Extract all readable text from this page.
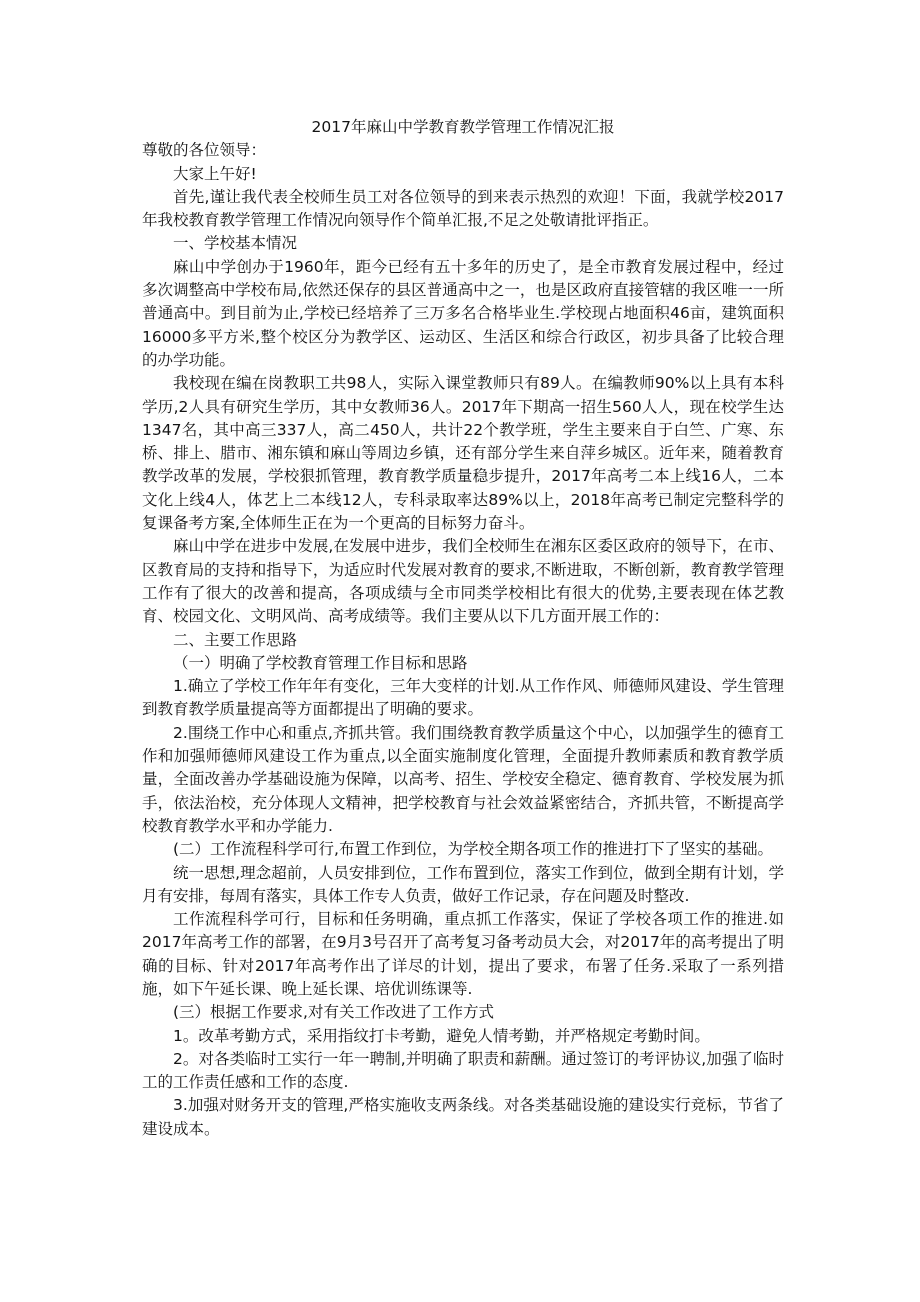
2017年麻山中学教育教学管理工作情况汇报

尊敬的各位领导：

大家上午好!

首先,谨让我代表全校师生员工对各位领导的到来表示热烈的欢迎！下面，我就学校2017年我校教育教学管理工作情况向领导作个简单汇报,不足之处敬请批评指正。

一、学校基本情况

麻山中学创办于1960年，距今已经有五十多年的历史了，是全市教育发展过程中，经过多次调整高中学校布局,依然还保存的县区普通高中之一，也是区政府直接管辖的我区唯一一所普通高中。到目前为止,学校已经培养了三万多名合格毕业生.学校现占地面积46亩，建筑面积16000多平方米,整个校区分为教学区、运动区、生活区和综合行政区，初步具备了比较合理的办学功能。

我校现在编在岗教职工共98人，实际入课堂教师只有89人。在编教师90%以上具有本科学历,2人具有研究生学历，其中女教师36人。2017年下期高一招生560人人，现在校学生达1347名，其中高三337人，高二450人，共计22个教学班，学生主要来自于白竺、广寒、东桥、排上、腊市、湘东镇和麻山等周边乡镇，还有部分学生来自萍乡城区。近年来，随着教育教学改革的发展，学校狠抓管理，教育教学质量稳步提升，2017年高考二本上线16人，二本文化上线4人，体艺上二本线12人，专科录取率达89%以上，2018年高考已制定完整科学的复课备考方案,全体师生正在为一个更高的目标努力奋斗。

麻山中学在进步中发展,在发展中进步，我们全校师生在湘东区委区政府的领导下，在市、区教育局的支持和指导下，为适应时代发展对教育的要求,不断进取，不断创新，教育教学管理工作有了很大的改善和提高，各项成绩与全市同类学校相比有很大的优势,主要表现在体艺教育、校园文化、文明风尚、高考成绩等。我们主要从以下几方面开展工作的：

二、主要工作思路

（一）明确了学校教育管理工作目标和思路

1.确立了学校工作年年有变化，三年大变样的计划.从工作作风、师德师风建设、学生管理到教育教学质量提高等方面都提出了明确的要求。

2.围绕工作中心和重点,齐抓共管。我们围绕教育教学质量这个中心，以加强学生的德育工作和加强师德师风建设工作为重点,以全面实施制度化管理，全面提升教师素质和教育教学质量，全面改善办学基础设施为保障，以高考、招生、学校安全稳定、德育教育、学校发展为抓手，依法治校，充分体现人文精神，把学校教育与社会效益紧密结合，齐抓共管，不断提高学校教育教学水平和办学能力.

(二）工作流程科学可行,布置工作到位，为学校全期各项工作的推进打下了坚实的基础。

统一思想,理念超前，人员安排到位，工作布置到位，落实工作到位，做到全期有计划，学月有安排，每周有落实，具体工作专人负责，做好工作记录，存在问题及时整改.

工作流程科学可行，目标和任务明确，重点抓工作落实，保证了学校各项工作的推进.如2017年高考工作的部署，在9月3号召开了高考复习备考动员大会，对2017年的高考提出了明确的目标、针对2017年高考作出了详尽的计划，提出了要求，布署了任务.采取了一系列措施，如下午延长课、晚上延长课、培优训练课等.

(三）根据工作要求,对有关工作改进了工作方式

1。改革考勤方式，采用指纹打卡考勤，避免人情考勤，并严格规定考勤时间。

2。对各类临时工实行一年一聘制,并明确了职责和薪酬。通过签订的考评协议,加强了临时工的工作责任感和工作的态度.

3.加强对财务开支的管理,严格实施收支两条线。对各类基础设施的建设实行竞标，节省了建设成本。
